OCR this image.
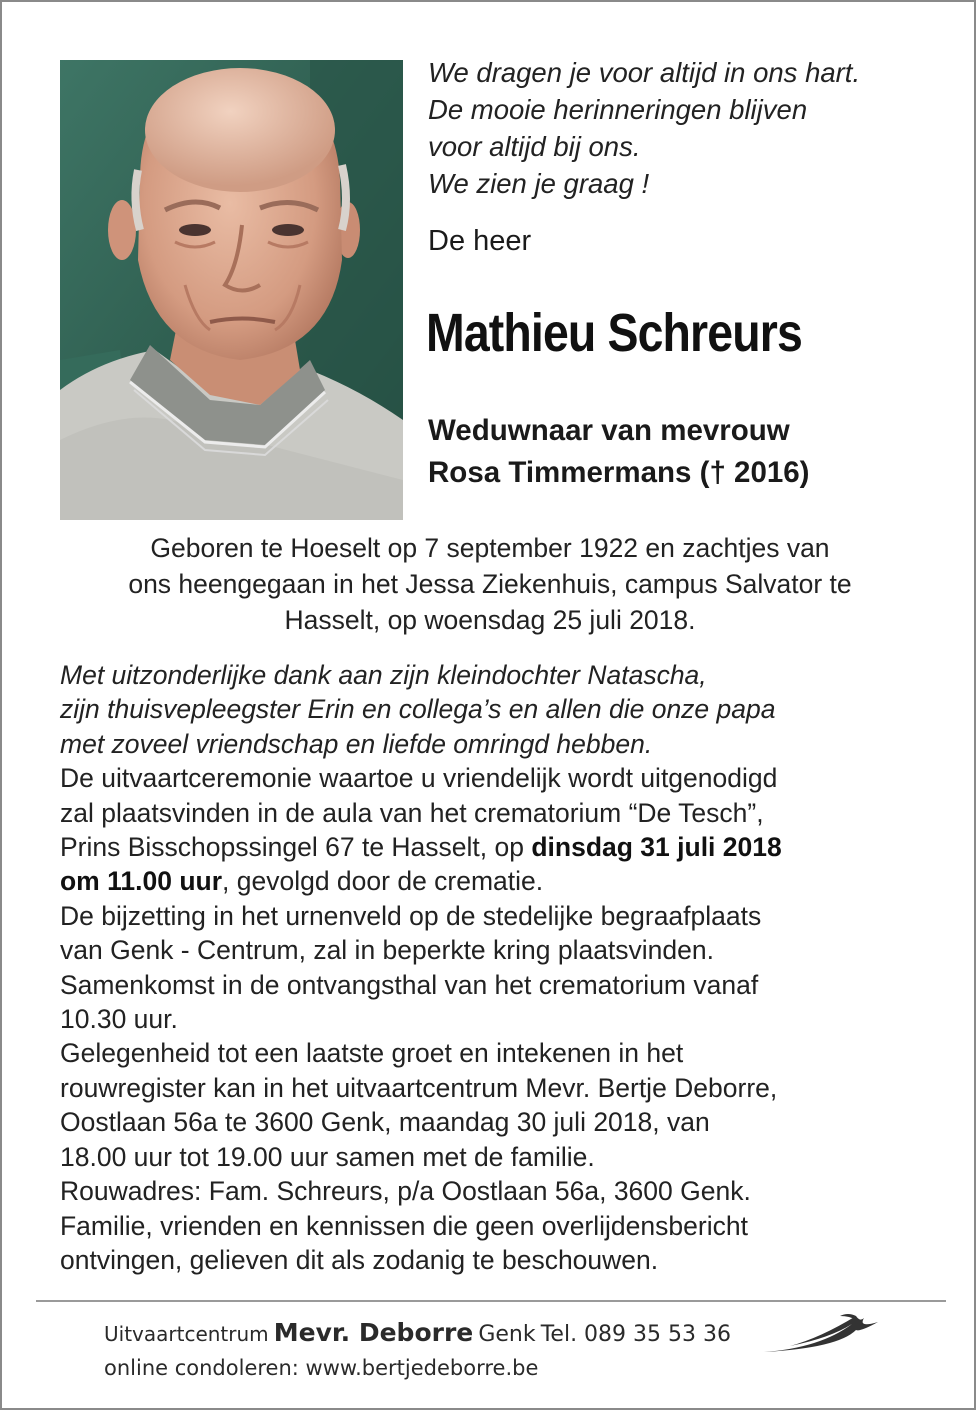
We dragen je voor altijd in ons hart.
De mooie herinneringen blijven
voor altijd bij ons.
We zien je graag !
De heer
Mathieu Schreurs
Weduwnaar van mevrouw
Rosa Timmermans († 2016)
Geboren te Hoeselt op 7 september 1922 en zachtjes van
ons heengegaan in het Jessa Ziekenhuis, campus Salvator te
Hasselt, op woensdag 25 juli 2018.
Met uitzonderlijke dank aan zijn kleindochter Natascha,
zijn thuisvepleegster Erin en collega’s en allen die onze papa
met zoveel vriendschap en liefde omringd hebben.
De uitvaartceremonie waartoe u vriendelijk wordt uitgenodigd
zal plaatsvinden in de aula van het crematorium “De Tesch”,
Prins Bisschopssingel 67 te Hasselt, op dinsdag 31 juli 2018
om 11.00 uur, gevolgd door de crematie.
De bijzetting in het urnenveld op de stedelijke begraafplaats
van Genk - Centrum, zal in beperkte kring plaatsvinden.
Samenkomst in de ontvangsthal van het crematorium vanaf
10.30 uur.
Gelegenheid tot een laatste groet en intekenen in het
rouwregister kan in het uitvaartcentrum Mevr. Bertje Deborre,
Oostlaan 56a te 3600 Genk, maandag 30 juli 2018, van
18.00 uur tot 19.00 uur samen met de familie.
Rouwadres: Fam. Schreurs, p/a Oostlaan 56a, 3600 Genk.
Familie, vrienden en kennissen die geen overlijdensbericht
ontvingen, gelieven dit als zodanig te beschouwen.
Uitvaartcentrum Mevr. Deborre Genk Tel. 089 35 53 36
online condoleren: www.bertjedeborre.be
